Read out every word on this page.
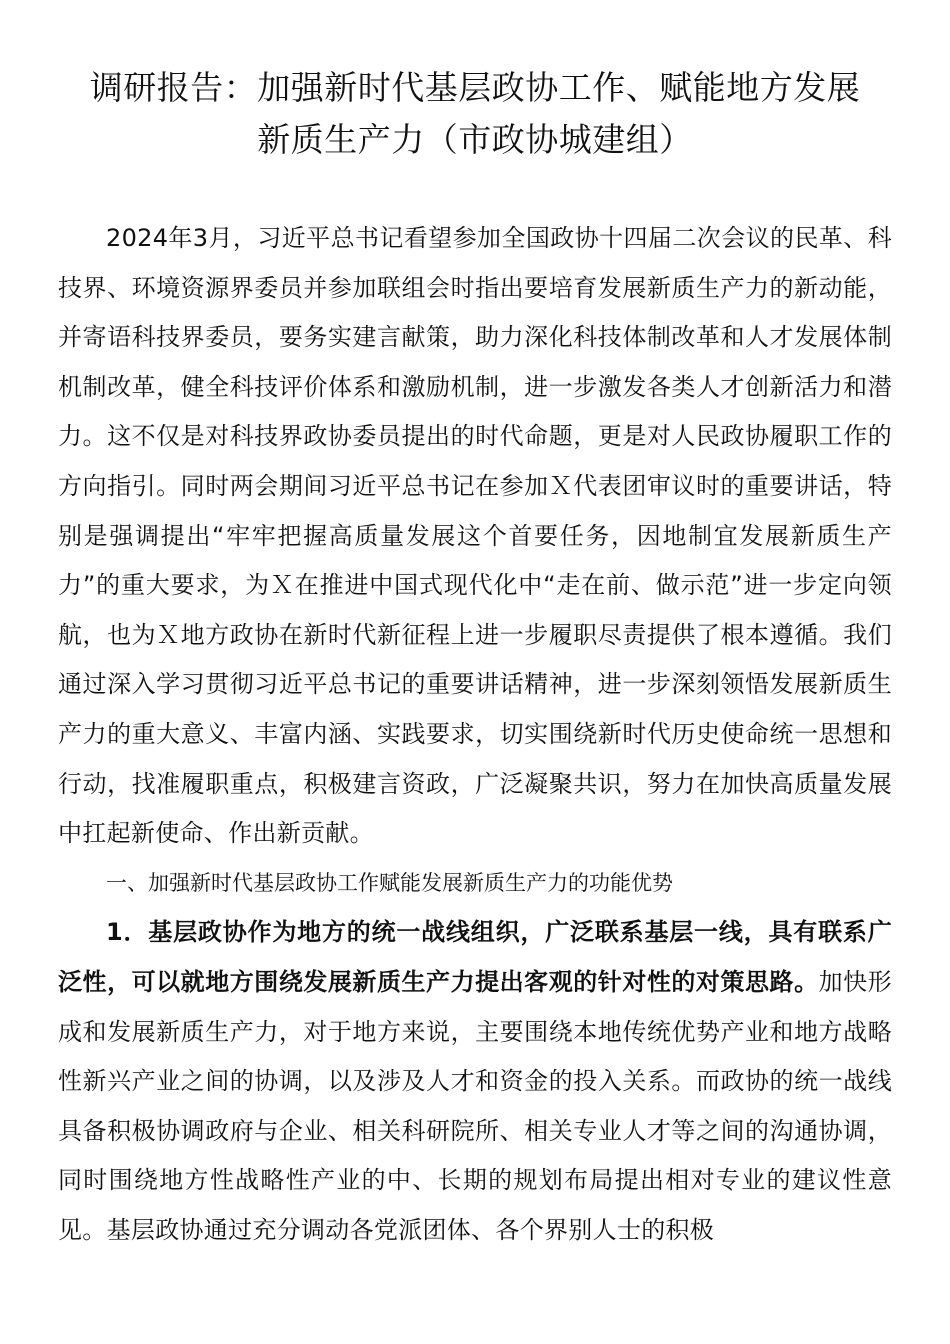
调研报告：加强新时代基层政协工作、赋能地方发展
新质生产力（市政协城建组）

2024年3月，习近平总书记看望参加全国政协十四届二次会议的民革、科技界、环境资源界委员并参加联组会时指出要培育发展新质生产力的新动能，并寄语科技界委员，要务实建言献策，助力深化科技体制改革和人才发展体制机制改革，健全科技评价体系和激励机制，进一步激发各类人才创新活力和潜力。这不仅是对科技界政协委员提出的时代命题，更是对人民政协履职工作的方向指引。同时两会期间习近平总书记在参加Ｘ代表团审议时的重要讲话，特别是强调提出“牢牢把握高质量发展这个首要任务，因地制宜发展新质生产力”的重大要求，为Ｘ在推进中国式现代化中“走在前、做示范”进一步定向领航，也为Ｘ地方政协在新时代新征程上进一步履职尽责提供了根本遵循。我们通过深入学习贯彻习近平总书记的重要讲话精神，进一步深刻领悟发展新质生产力的重大意义、丰富内涵、实践要求，切实围绕新时代历史使命统一思想和行动，找准履职重点，积极建言资政，广泛凝聚共识，努力在加快高质量发展中扛起新使命、作出新贡献。

一、加强新时代基层政协工作赋能发展新质生产力的功能优势

1．基层政协作为地方的统一战线组织，广泛联系基层一线，具有联系广泛性，可以就地方围绕发展新质生产力提出客观的针对性的对策思路。加快形成和发展新质生产力，对于地方来说，主要围绕本地传统优势产业和地方战略性新兴产业之间的协调，以及涉及人才和资金的投入关系。而政协的统一战线具备积极协调政府与企业、相关科研院所、相关专业人才等之间的沟通协调，同时围绕地方性战略性产业的中、长期的规划布局提出相对专业的建议性意见。基层政协通过充分调动各党派团体、各个界别人士的积极
